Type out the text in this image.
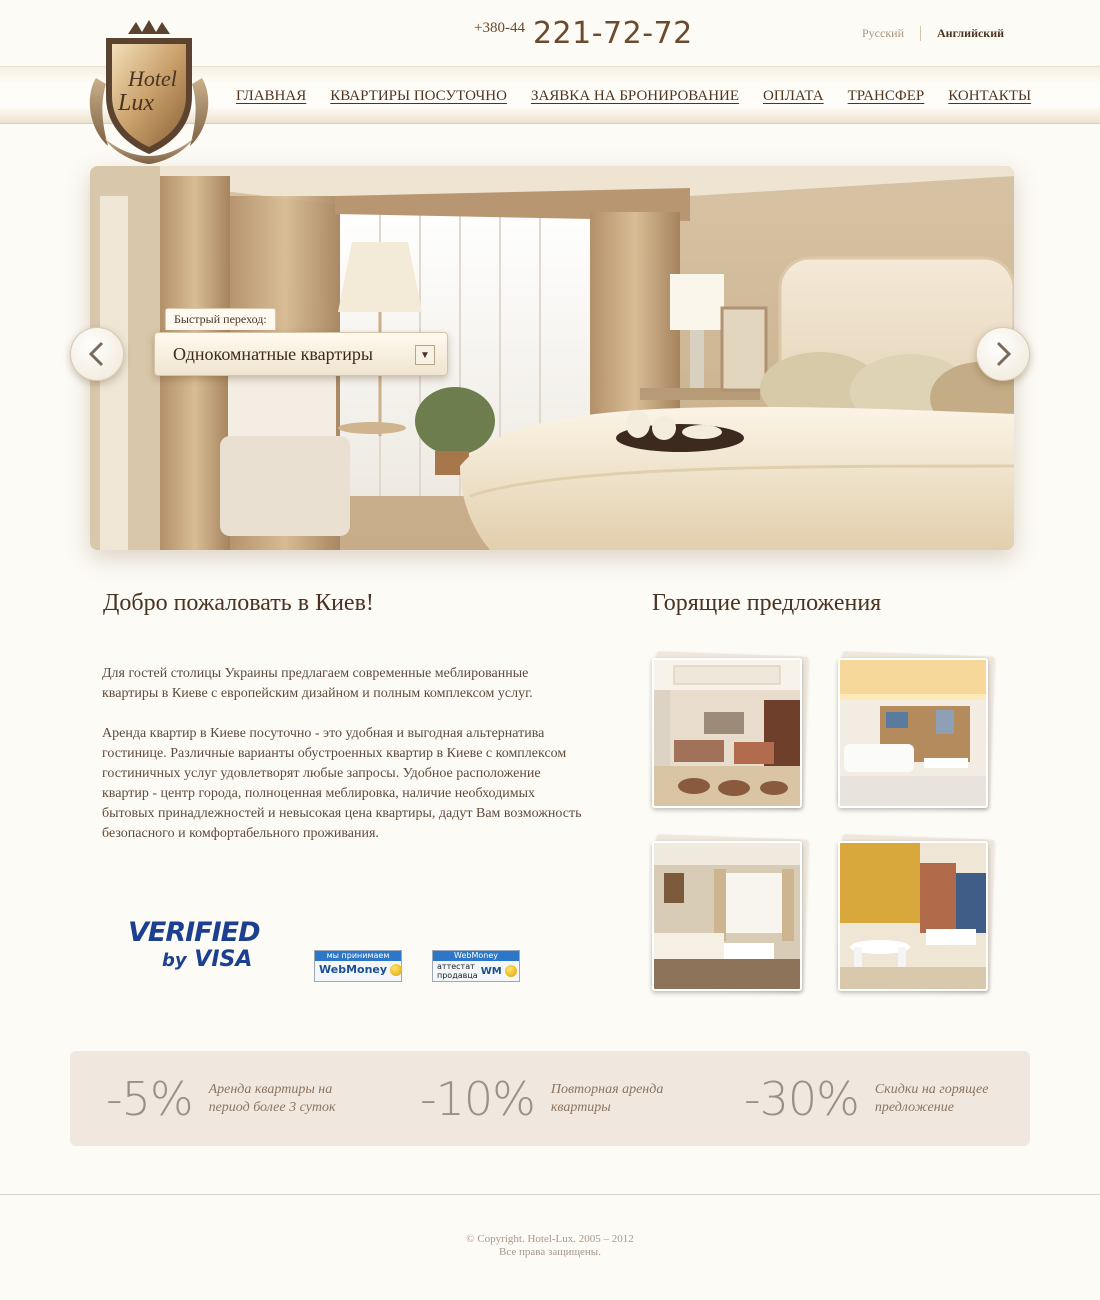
Hotel
Lux
+380-44 221-72-72	Русский	Английский
ГЛАВНАЯ КВАРТИРЫ ПОСУТОЧНО ЗАЯВКА НА БРОНИРОВАНИЕ ОПЛАТА ТРАНСФЕР КОНТАКТЫ
Быстрый переход:
Однокомнатные квартиры	▼
Добро пожаловать в Киев!

Для гостей столицы Украины предлагаем современные меблированные квартиры в Киеве с европейским дизайном и полным комплексом услуг.

Аренда квартир в Киеве посуточно - это удобная и выгодная альтернатива гостинице. Различные варианты обустроенных квартир в Киеве с комплексом гостиничных услуг удовлетворят любые запросы. Удобное расположение квартир - центр города, полноценная меблировка, наличие необходимых бытовых принадлежностей и невысокая цена квартиры, дадут Вам возможность безопасного и комфортабельного проживания.

VERIFIED
by VISA	мы принимаем
WebMoney
WebMoney
аттестат
продавца WM
Горящие предложения
-5% Аренда квартиры на период более 3 суток	-10% Повторная аренда квартиры	-30% Скидки на горящее предложение
© Copyright. Hotel-Lux. 2005 – 2012
Все права защищены.
